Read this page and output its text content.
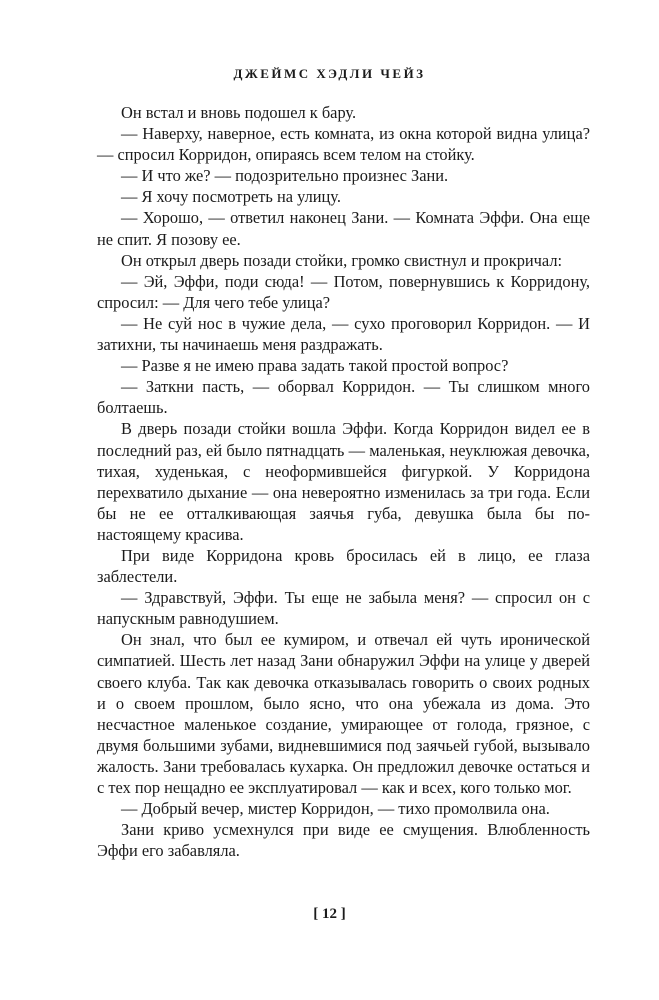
ДЖЕЙМС ХЭДЛИ ЧЕЙЗ

Он встал и вновь подошел к бару.

— Наверху, наверное, есть комната, из окна которой видна улица? — спросил Корридон, опираясь всем телом на стойку.

— И что же? — подозрительно произнес Зани.

— Я хочу посмотреть на улицу.

— Хорошо, — ответил наконец Зани. — Комната Эффи. Она еще не спит. Я позову ее.

Он открыл дверь позади стойки, громко свистнул и прокричал:

— Эй, Эффи, поди сюда! — Потом, повернувшись к Корридону, спросил: — Для чего тебе улица?

— Не суй нос в чужие дела, — сухо проговорил Корридон. — И затихни, ты начинаешь меня раздражать.

— Разве я не имею права задать такой простой вопрос?

— Заткни пасть, — оборвал Корридон. — Ты слишком много болтаешь.

В дверь позади стойки вошла Эффи. Когда Корридон видел ее в последний раз, ей было пятнадцать — маленькая, неуклюжая девочка, тихая, худенькая, с неоформившейся фигуркой. У Корридона перехватило дыхание — она невероятно изменилась за три года. Если бы не ее отталкивающая заячья губа, девушка была бы по-настоящему красива.

При виде Корридона кровь бросилась ей в лицо, ее глаза заблестели.

— Здравствуй, Эффи. Ты еще не забыла меня? — спросил он с напускным равнодушием.

Он знал, что был ее кумиром, и отвечал ей чуть иронической симпатией. Шесть лет назад Зани обнаружил Эффи на улице у дверей своего клуба. Так как девочка отказывалась говорить о своих родных и о своем прошлом, было ясно, что она убежала из дома. Это несчастное маленькое создание, умирающее от голода, грязное, с двумя большими зубами, видневшимися под заячьей губой, вызывало жалость. Зани требовалась кухарка. Он предложил девочке остаться и с тех пор нещадно ее эксплуатировал — как и всех, кого только мог.

— Добрый вечер, мистер Корридон, — тихо промолвила она.

Зани криво усмехнулся при виде ее смущения. Влюбленность Эффи его забавляла.

[ 12 ]
